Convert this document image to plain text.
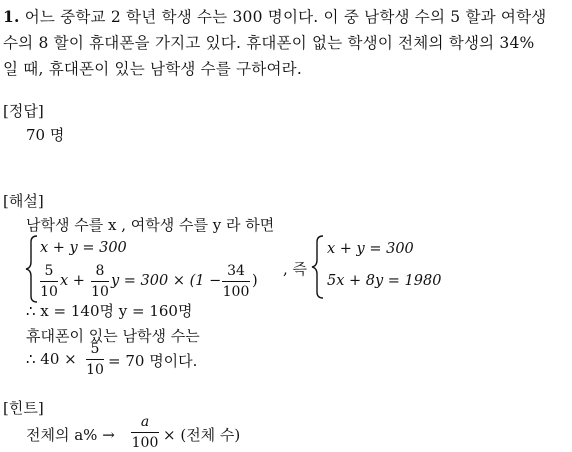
1. 어느 중학교 2 학년 학생 수는 300 명이다. 이 중 남학생 수의 5 할과 여학생
수의 8 할이 휴대폰을 가지고 있다. 휴대폰이 없는 학생이 전체의 학생의 34%
일 때, 휴대폰이 있는 남학생 수를 구하여라.
[정답]
70 명
[해설]
남학생 수를 x , 여학생 수를 y 라 하면
x + y = 300
5
10
x +
8
10
y = 300 × (1 −
34
100
)
, 즉
x + y = 300
5x + 8y = 1980
∴ x = 140명 y = 160명
휴대폰이 있는 남학생 수는
∴ 40 ×
5
10 = 70 명이다.
[힌트]
전체의 a% →
a
100 × (전체 수)
